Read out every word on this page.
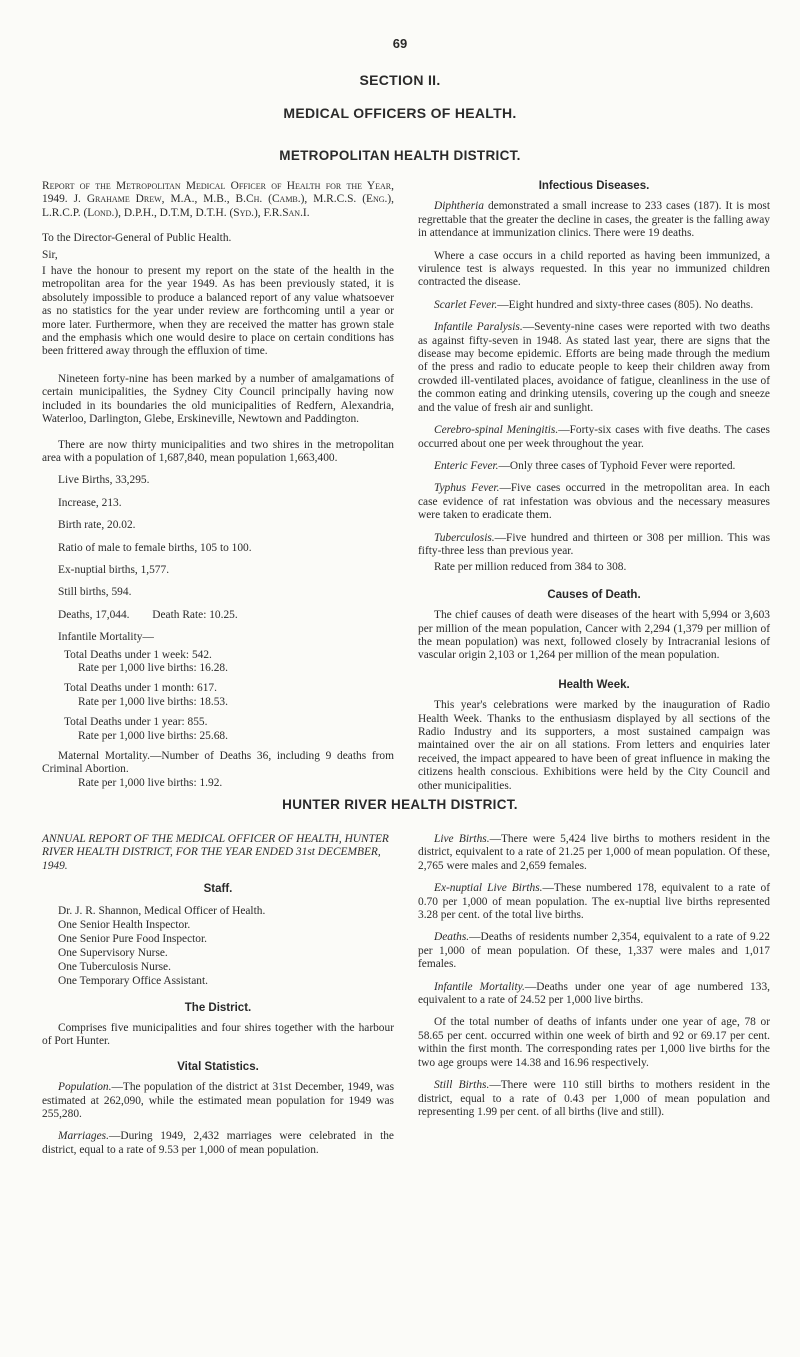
69
SECTION II.
MEDICAL OFFICERS OF HEALTH.
METROPOLITAN HEALTH DISTRICT.

Report of the Metropolitan Medical Officer of Health for the Year, 1949. J. Grahame Drew, M.A., M.B., B.Ch. (Camb.), M.R.C.S. (Eng.), L.R.C.P. (Lond.), D.P.H., D.T.M, D.T.H. (Syd.), F.R.San.I.

To the Director-General of Public Health.

Sir,

I have the honour to present my report on the state of the health in the metropolitan area for the year 1949. As has been previously stated, it is absolutely impossible to produce a balanced report of any value whatsoever as no statistics for the year under review are forthcoming until a year or more later. Furthermore, when they are received the matter has grown stale and the emphasis which one would desire to place on certain conditions has been frittered away through the effluxion of time.

Nineteen forty-nine has been marked by a number of amalgamations of certain municipalities, the Sydney City Council principally having now included in its boundaries the old municipalities of Redfern, Alexandria, Waterloo, Darlington, Glebe, Erskineville, Newtown and Paddington.

There are now thirty municipalities and two shires in the metropolitan area with a population of 1,687,840, mean population 1,663,400.

Live Births, 33,295.

Increase, 213.

Birth rate, 20.02.

Ratio of male to female births, 105 to 100.

Ex-nuptial births, 1,577.

Still births, 594.

Deaths, 17,044.        Death Rate: 10.25.

Infantile Mortality—

Total Deaths under 1 week: 542.
Rate per 1,000 live births: 16.28.
Total Deaths under 1 month: 617.
Rate per 1,000 live births: 18.53.
Total Deaths under 1 year: 855.
Rate per 1,000 live births: 25.68.

Maternal Mortality.—Number of Deaths 36, including 9 deaths from Criminal Abortion.

Rate per 1,000 live births: 1.92.
Infectious Diseases.

Diphtheria demonstrated a small increase to 233 cases (187). It is most regrettable that the greater the decline in cases, the greater is the falling away in attendance at immunization clinics. There were 19 deaths.

Where a case occurs in a child reported as having been immunized, a virulence test is always requested. In this year no immunized children contracted the disease.

Scarlet Fever.—Eight hundred and sixty-three cases (805). No deaths.

Infantile Paralysis.—Seventy-nine cases were reported with two deaths as against fifty-seven in 1948. As stated last year, there are signs that the disease may become epidemic. Efforts are being made through the medium of the press and radio to educate people to keep their children away from crowded ill-ventilated places, avoidance of fatigue, cleanliness in the use of the common eating and drinking utensils, covering up the cough and sneeze and the value of fresh air and sunlight.

Cerebro-spinal Meningitis.—Forty-six cases with five deaths. The cases occurred about one per week throughout the year.

Enteric Fever.—Only three cases of Typhoid Fever were reported.

Typhus Fever.—Five cases occurred in the metropolitan area. In each case evidence of rat infestation was obvious and the necessary measures were taken to eradicate them.

Tuberculosis.—Five hundred and thirteen or 308 per million. This was fifty-three less than previous year.

Rate per million reduced from 384 to 308.

Causes of Death.

The chief causes of death were diseases of the heart with 5,994 or 3,603 per million of the mean population, Cancer with 2,294 (1,379 per million of the mean population) was next, followed closely by Intracranial lesions of vascular origin 2,103 or 1,264 per million of the mean population.

Health Week.

This year's celebrations were marked by the inauguration of Radio Health Week. Thanks to the enthusiasm displayed by all sections of the Radio Industry and its supporters, a most sustained campaign was maintained over the air on all stations. From letters and enquiries later received, the impact appeared to have been of great influence in making the citizens health conscious. Exhibitions were held by the City Council and other municipalities.

HUNTER RIVER HEALTH DISTRICT.

ANNUAL REPORT OF THE MEDICAL OFFICER OF HEALTH, HUNTER RIVER HEALTH DISTRICT, FOR THE YEAR ENDED 31st DECEMBER, 1949.

Staff.
Dr. J. R. Shannon, Medical Officer of Health.
One Senior Health Inspector.
One Senior Pure Food Inspector.
One Supervisory Nurse.
One Tuberculosis Nurse.
One Temporary Office Assistant.
The District.

Comprises five municipalities and four shires together with the harbour of Port Hunter.

Vital Statistics.

Population.—The population of the district at 31st December, 1949, was estimated at 262,090, while the estimated mean population for 1949 was 255,280.

Marriages.—During 1949, 2,432 marriages were celebrated in the district, equal to a rate of 9.53 per 1,000 of mean population.

Live Births.—There were 5,424 live births to mothers resident in the district, equivalent to a rate of 21.25 per 1,000 of mean population. Of these, 2,765 were males and 2,659 females.

Ex-nuptial Live Births.—These numbered 178, equivalent to a rate of 0.70 per 1,000 of mean population. The ex-nuptial live births represented 3.28 per cent. of the total live births.

Deaths.—Deaths of residents number 2,354, equivalent to a rate of 9.22 per 1,000 of mean population. Of these, 1,337 were males and 1,017 females.

Infantile Mortality.—Deaths under one year of age numbered 133, equivalent to a rate of 24.52 per 1,000 live births.

Of the total number of deaths of infants under one year of age, 78 or 58.65 per cent. occurred within one week of birth and 92 or 69.17 per cent. within the first month. The corresponding rates per 1,000 live births for the two age groups were 14.38 and 16.96 respectively.

Still Births.—There were 110 still births to mothers resident in the district, equal to a rate of 0.43 per 1,000 of mean population and representing 1.99 per cent. of all births (live and still).
